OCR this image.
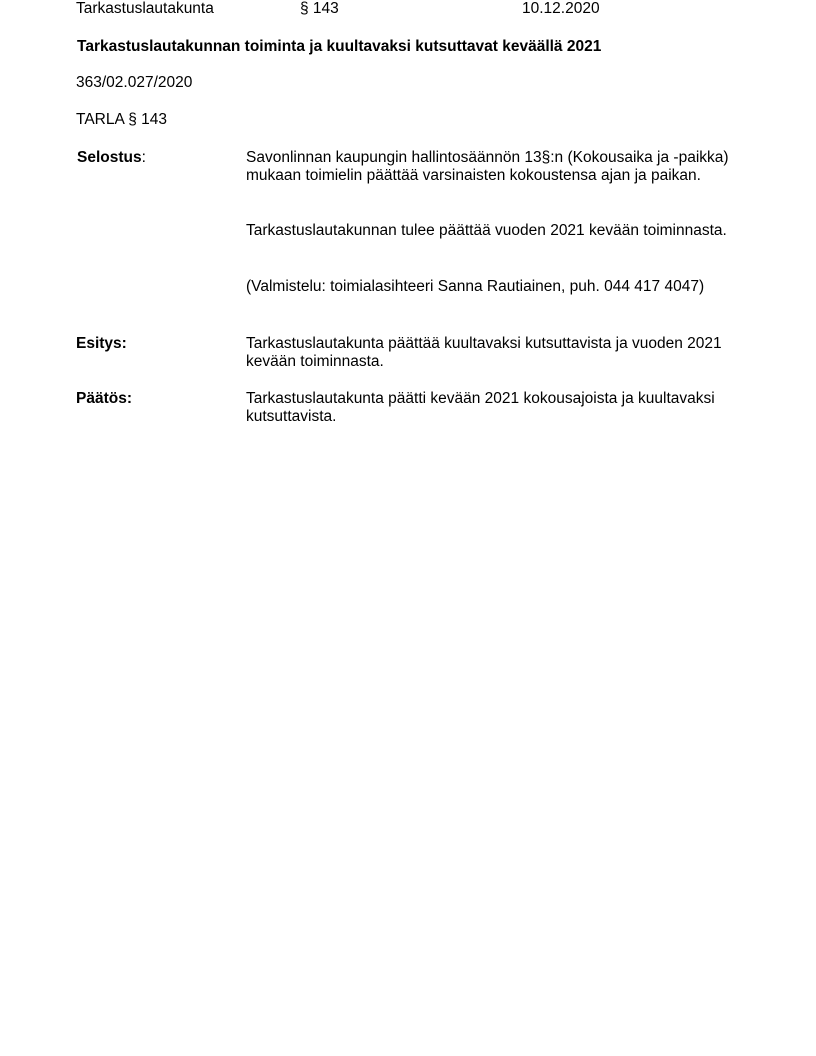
Tarkastuslautakunta	§ 143	10.12.2020

Tarkastuslautakunnan toiminta ja kuultavaksi kutsuttavat keväällä 2021

363/02.027/2020

TARLA § 143

Selostus:	Savonlinnan kaupungin hallintosäännön 13§:n (Kokousaika ja -paikka) mukaan toimielin päättää varsinaisten kokoustensa ajan ja paikan.

Tarkastuslautakunnan tulee päättää vuoden 2021 kevään toiminnasta.

(Valmistelu: toimialasihteeri Sanna Rautiainen, puh. 044 417 4047)

Esitys:	Tarkastuslautakunta päättää kuultavaksi kutsuttavista ja vuoden 2021 kevään toiminnasta.

Päätös:	Tarkastuslautakunta päätti kevään 2021 kokousajoista ja kuultavaksi kutsuttavista.
